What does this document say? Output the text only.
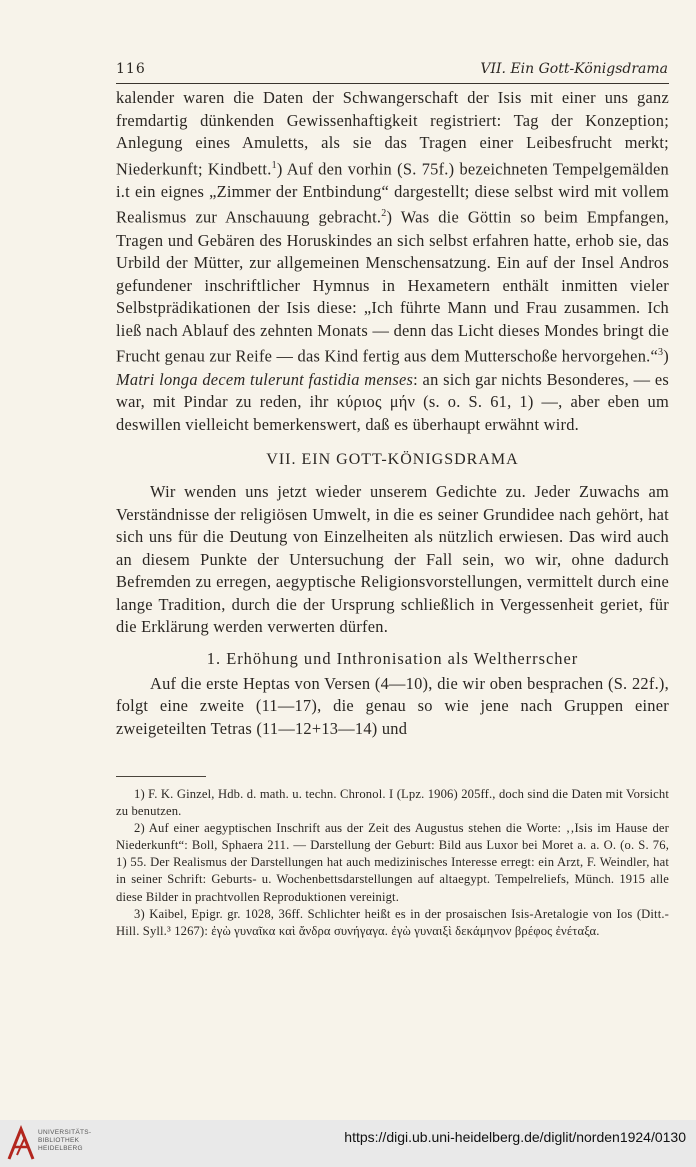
116	VII. Ein Gott-Königsdrama

kalender waren die Daten der Schwangerschaft der Isis mit einer uns ganz fremdartig dünkenden Gewissenhaftigkeit registriert: Tag der Konzeption; Anlegung eines Amuletts, als sie das Tragen einer Leibesfrucht merkt; Niederkunft; Kindbett.$^1$) Auf den vorhin (S. 75f.) bezeichneten Tempelgemälden i.t ein eignes „Zimmer der Entbindung“ dargestellt; diese selbst wird mit vollem Realismus zur Anschauung gebracht.$^2$) Was die Göttin so beim Empfangen, Tragen und Gebären des Horuskindes an sich selbst erfahren hatte, erhob sie, das Urbild der Mütter, zur allgemeinen Menschensatzung. Ein auf der Insel Andros gefundener inschriftlicher Hymnus in Hexametern enthält inmitten vieler Selbstprädikationen der Isis diese: „Ich führte Mann und Frau zusammen. Ich ließ nach Ablauf des zehnten Monats — denn das Licht dieses Mondes bringt die Frucht genau zur Reife — das Kind fertig aus dem Mutterschoße hervorgehen.“$^3$) Matri longa decem tulerunt fastidia menses: an sich gar nichts Besonderes, — es war, mit Pindar zu reden, ihr κύριος μήν (s. o. S. 61, 1) —, aber eben um deswillen vielleicht bemerkenswert, daß es überhaupt erwähnt wird.

VII. EIN GOTT-KÖNIGSDRAMA

Wir wenden uns jetzt wieder unserem Gedichte zu. Jeder Zuwachs am Verständnisse der religiösen Umwelt, in die es seiner Grundidee nach gehört, hat sich uns für die Deutung von Einzelheiten als nützlich erwiesen. Das wird auch an diesem Punkte der Untersuchung der Fall sein, wo wir, ohne dadurch Befremden zu erregen, aegyptische Religionsvorstellungen, vermittelt durch eine lange Tradition, durch die der Ursprung schließlich in Vergessenheit geriet, für die Erklärung werden verwerten dürfen.

1. Erhöhung und Inthronisation als Weltherrscher

Auf die erste Heptas von Versen (4—10), die wir oben besprachen (S. 22f.), folgt eine zweite (11—17), die genau so wie jene nach Gruppen einer zweigeteilten Tetras (11—12+13—14) und

1) F. K. Ginzel, Hdb. d. math. u. techn. Chronol. I (Lpz. 1906) 205ff., doch sind die Daten mit Vorsicht zu benutzen.

2) Auf einer aegyptischen Inschrift aus der Zeit des Augustus stehen die Worte: ‚‚Isis im Hause der Niederkunft“: Boll, Sphaera 211. — Darstellung der Geburt: Bild aus Luxor bei Moret a. a. O. (o. S. 76, 1) 55. Der Realismus der Darstellungen hat auch medizinisches Interesse erregt: ein Arzt, F. Weindler, hat in seiner Schrift: Geburts- u. Wochenbettsdarstellungen auf altaegypt. Tempelreliefs, Münch. 1915 alle diese Bilder in prachtvollen Reproduktionen vereinigt.

3) Kaibel, Epigr. gr. 1028, 36ff. Schlichter heißt es in der prosaischen Isis-Aretalogie von Ios (Ditt.-Hill. Syll.³ 1267): ἐγὼ γυναῖκα καὶ ἄνδρα συνήγαγα. ἐγὼ γυναιξὶ δεκάμηνον βρέφος ἐνέταξα.

UNIVERSITÄTS-
BIBLIOTHEK
HEIDELBERG
https://digi.ub.uni-heidelberg.de/diglit/norden1924/0130
